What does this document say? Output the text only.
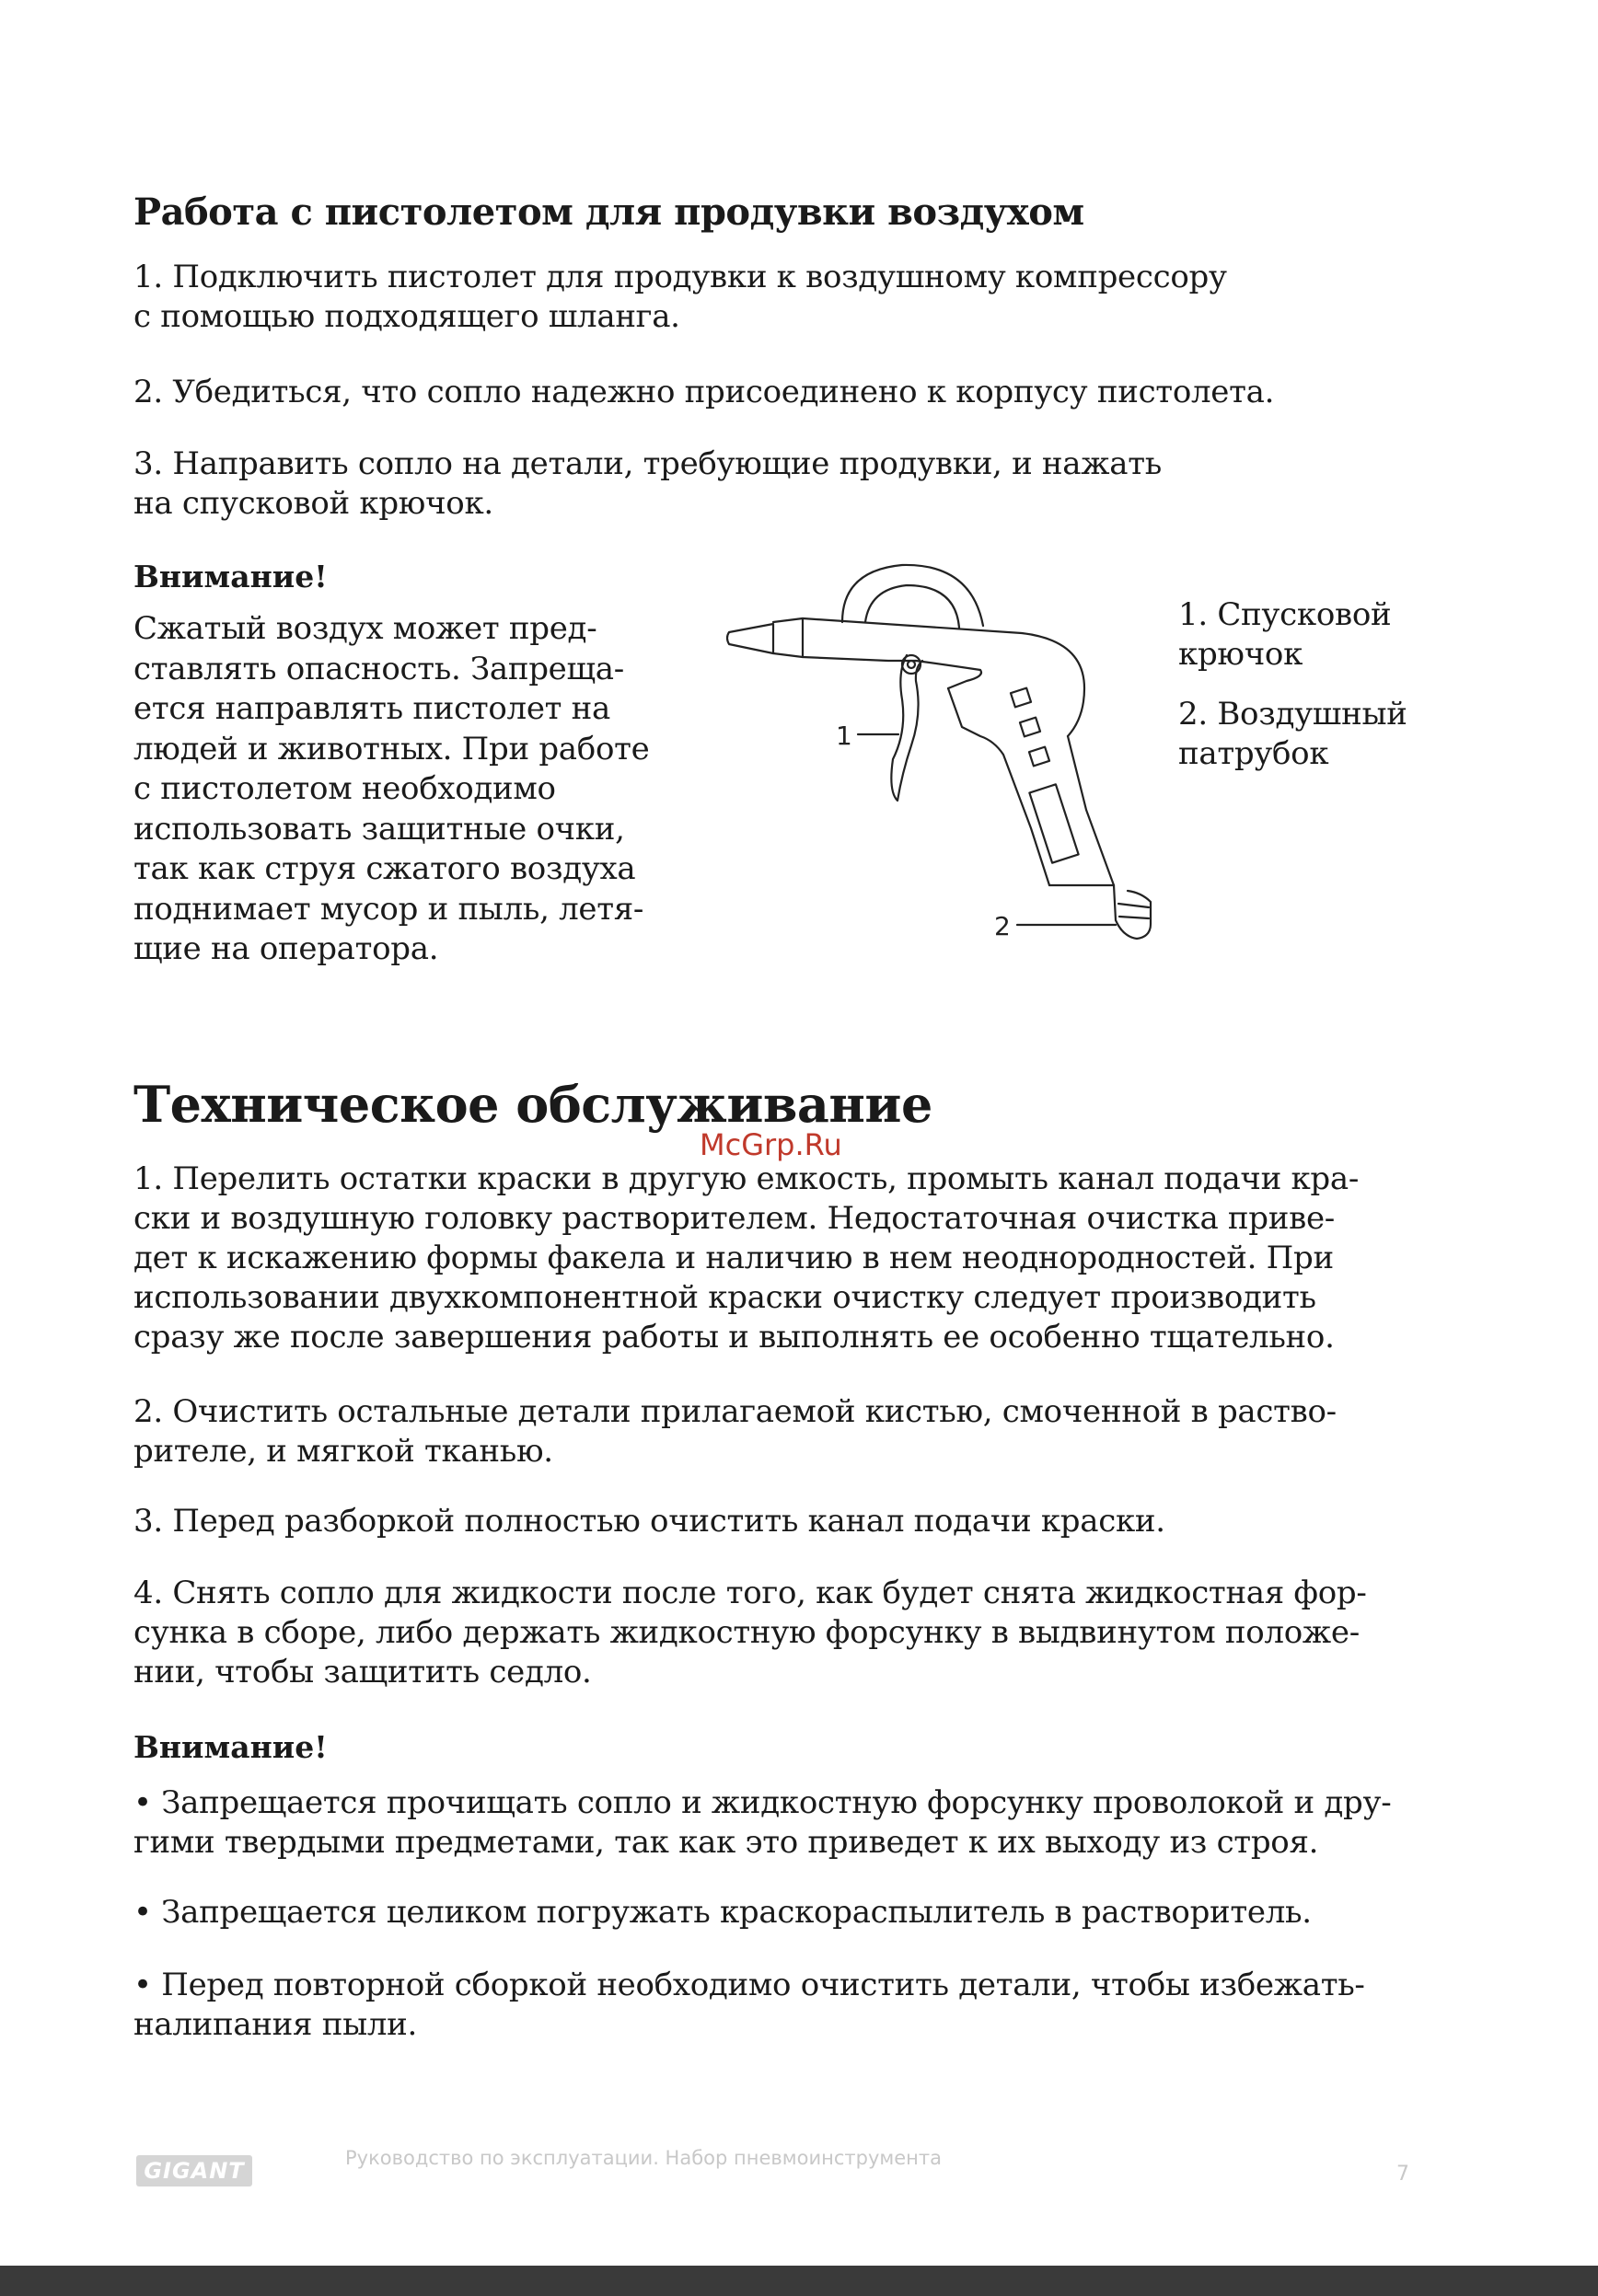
Работа с пистолетом для продувки воздухом

1. Подключить пистолет для продувки к воздушному компрессору
с помощью подходящего шланга.

2. Убедиться, что сопло надежно присоединено к корпусу пистолета.

3. Направить сопло на детали, требующие продувки, и нажать
на спусковой крючок.

Внимание!

Сжатый воздух может пред-
ставлять опасность. Запреща-
ется направлять пистолет на
людей и животных. При работе
с пистолетом необходимо
использовать защитные очки,
так как струя сжатого воздуха
поднимает мусор и пыль, летя-
щие на оператора.

1
2

1. Спусковой
крючок

2. Воздушный
патрубок

Техническое обслуживание

McGrp.Ru

1. Перелить остатки краски в другую емкость, промыть канал подачи кра-
ски и воздушную головку растворителем. Недостаточная очистка приве-
дет к искажению формы факела и наличию в нем неоднородностей. При
использовании двухкомпонентной краски очистку следует производить
сразу же после завершения работы и выполнять ее особенно тщательно.

2. Очистить остальные детали прилагаемой кистью, смоченной в раство-
рителе, и мягкой тканью.

3. Перед разборкой полностью очистить канал подачи краски.

4. Снять сопло для жидкости после того, как будет снята жидкостная фор-
сунка в сборе, либо держать жидкостную форсунку в выдвинутом положе-
нии, чтобы защитить седло.

Внимание!

• Запрещается прочищать сопло и жидкостную форсунку проволокой и дру-
гими твердыми предметами, так как это приведет к их выходу из строя.

• Запрещается целиком погружать краскораспылитель в растворитель.

• Перед повторной сборкой необходимо очистить детали, чтобы избежать-
налипания пыли.

GIGANT	Руководство по эксплуатации. Набор пневмоинструмента

7
